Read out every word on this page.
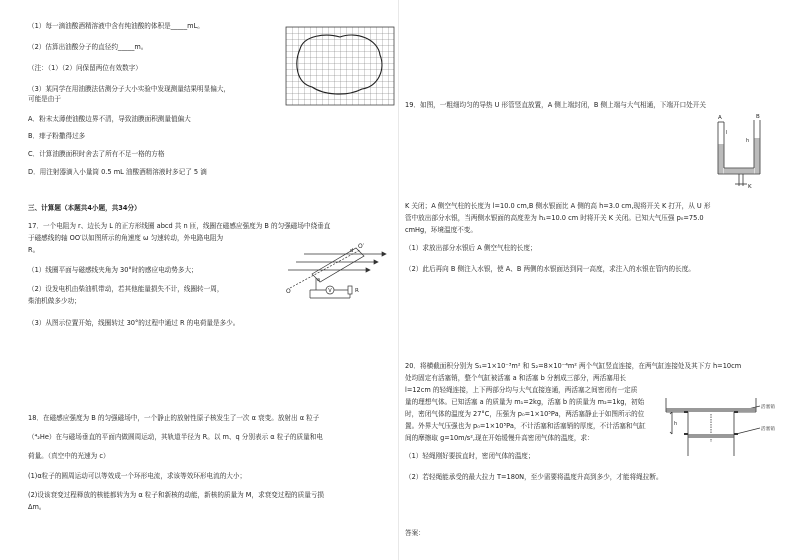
（1）每一滴油酸酒精溶液中含有纯油酸的体积是_____mL。
（2）估算出油酸分子的直径约_____m。
（注：（1）（2）问保留两位有效数字）
（3）某同学在用油膜法估测分子大小实验中发现测量结果明显偏大，
可能是由于
A．粉末太薄使油酸边界不清，导致油膜面积测量值偏大
B．痱子粉撒得过多
C．计算油膜面积时舍去了所有不足一格的方格
D．用注射器滴入小量筒 0.5 mL 油酸酒精溶液时多记了 5 滴
三、计算题（本题共4小题，共34分）
17．一个电阻为 r、边长为 L 的正方形线圈 abcd 共 n 匝，线圈在磁感应强度为 B 的匀强磁场中绕垂直
于磁感线的轴 OO′以如图所示的角速度 ω 匀速转动，外电路电阻为
R。
（1）线圈平面与磁感线夹角为 30°时的感应电动势多大；
（2）设发电机由柴油机带动，若其他能量损失不计，线圈转一周，
柴油机做多少功；
（3）从图示位置开始，线圈转过 30°的过程中通过 R 的电荷量是多少。
O
O′
a
d
V	R
18．在磁感应强度为 B 的匀强磁场中，一个静止的放射性原子核发生了一次 α 衰变。放射出 α 粒子
（⁴₂He）在与磁场垂直的平面内做圆周运动，其轨道半径为 R。以 m、q 分别表示 α 粒子的质量和电
荷量。（真空中的光速为 c）
(1)α粒子的圆周运动可以等效成一个环形电流，求该等效环形电流的大小；
(2)设该衰变过程释放的核能都转为为 α 粒子和新核的动能，新核的质量为 M，求衰变过程的质量亏损
Δm。
19．如图，一粗细均匀的导热 U 形管竖直放置，A 侧上端封闭，B 侧上端与大气相通，下端开口处开关
A	B
l
h
K
K 关闭；A 侧空气柱的长度为 l=10.0 cm,B 侧水银面比 A 侧的高 h=3.0 cm,现将开关 K 打开，从 U 形
管中放出部分水银，当两侧水银面的高度差为 h₁=10.0 cm 时将开关 K 关闭。已知大气压强 p₀=75.0
cmHg，环境温度不变。
（1）求放出部分水银后 A 侧空气柱的长度；
（2）此后再向 B 侧注入水银，使 A、B 两侧的水银面达到同一高度，求注入的水银在管内的长度。
20．将横截面积分别为 S₁=1×10⁻³m² 和 S₂=8×10⁻⁴m² 两个气缸竖直连接，在两气缸连接处及其下方 h=10cm
处均固定有活塞销，整个气缸被活塞 a 和活塞 b 分割成三部分，两活塞用长
l=12cm 的轻绳连接，上下两部分均与大气直接连通，两活塞之间密闭有一定质
量的理想气体。已知活塞 a 的质量为 m₁=2kg，活塞 b 的质量为 m₂=1kg，初始
时，密闭气体的温度为 27°C，压强为 p₀=1×10⁵Pa，两活塞静止于如图所示的位
置。外界大气压强也为 p₀=1×10⁵Pa，不计活塞和活塞销的厚度，不计活塞和气缸
间的摩擦取 g=10m/s²,现在开始缓慢升高密闭气体的温度，求：
h
活塞销
活塞销
（1）轻绳刚好要拔直时，密闭气体的温度；
（2）若轻绳能承受的最大拉力 T=180N，至少需要将温度升高到多少，才能将绳拉断。
答案：
